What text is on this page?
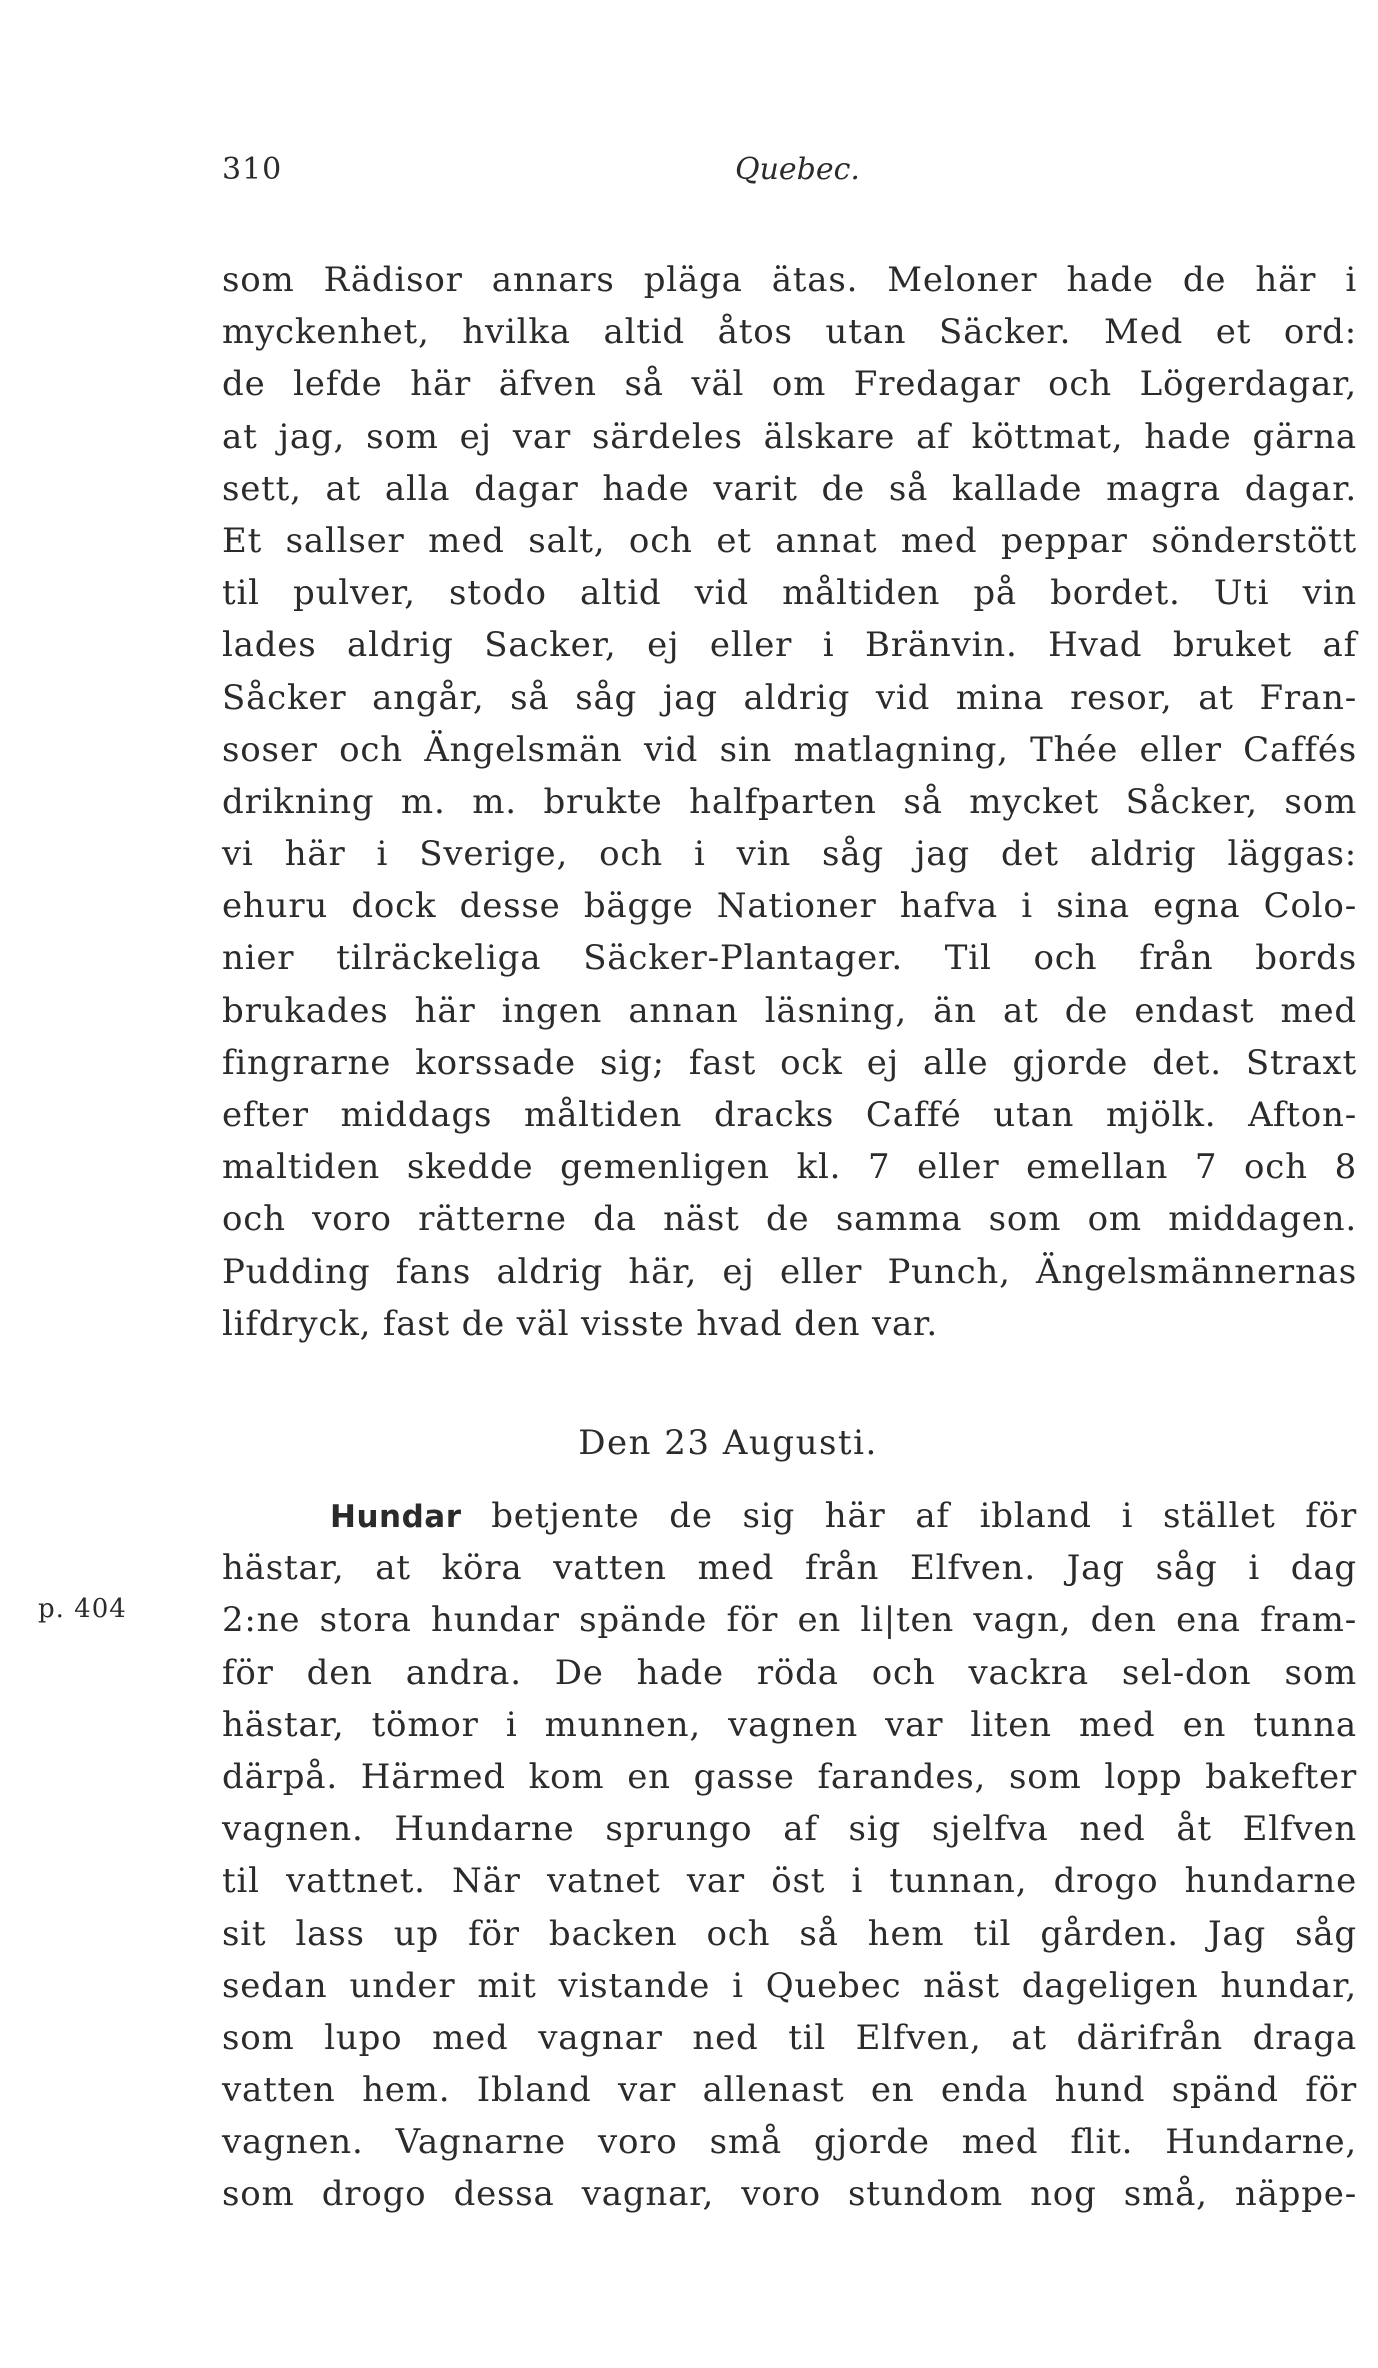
310	Quebec.
som Rädisor annars pläga ätas. Meloner hade de här i
myckenhet, hvilka altid åtos utan Säcker. Med et ord:
de lefde här äfven så väl om Fredagar och Lögerdagar,
at jag, som ej var särdeles älskare af köttmat, hade gärna
sett, at alla dagar hade varit de så kallade magra dagar.
Et sallser med salt, och et annat med peppar sönderstött
til pulver, stodo altid vid måltiden på bordet. Uti vin
lades aldrig Sacker, ej eller i Bränvin. Hvad bruket af
Såcker angår, så såg jag aldrig vid mina resor, at Fran-
soser och Ängelsmän vid sin matlagning, Thée eller Caffés
drikning m. m. brukte halfparten så mycket Såcker, som
vi här i Sverige, och i vin såg jag det aldrig läggas:
ehuru dock desse bägge Nationer hafva i sina egna Colo-
nier tilräckeliga Säcker-Plantager. Til och från bords
brukades här ingen annan läsning, än at de endast med
fingrarne korssade sig; fast ock ej alle gjorde det. Straxt
efter middags måltiden dracks Caffé utan mjölk. Afton-
maltiden skedde gemenligen kl. 7 eller emellan 7 och 8
och voro rätterne da näst de samma som om middagen.
Pudding fans aldrig här, ej eller Punch, Ängelsmännernas
lifdryck, fast de väl visste hvad den var.
Den 23 Augusti.
p. 404
Hundar betjente de sig här af ibland i stället för
hästar, at köra vatten med från Elfven. Jag såg i dag
2:ne stora hundar spände för en li|ten vagn, den ena fram-
för den andra. De hade röda och vackra sel-don som
hästar, tömor i munnen, vagnen var liten med en tunna
därpå. Härmed kom en gasse farandes, som lopp bakefter
vagnen. Hundarne sprungo af sig sjelfva ned åt Elfven
til vattnet. När vatnet var öst i tunnan, drogo hundarne
sit lass up för backen och så hem til gården. Jag såg
sedan under mit vistande i Quebec näst dageligen hundar,
som lupo med vagnar ned til Elfven, at därifrån draga
vatten hem. Ibland var allenast en enda hund spänd för
vagnen. Vagnarne voro små gjorde med flit. Hundarne,
som drogo dessa vagnar, voro stundom nog små, näppe-
